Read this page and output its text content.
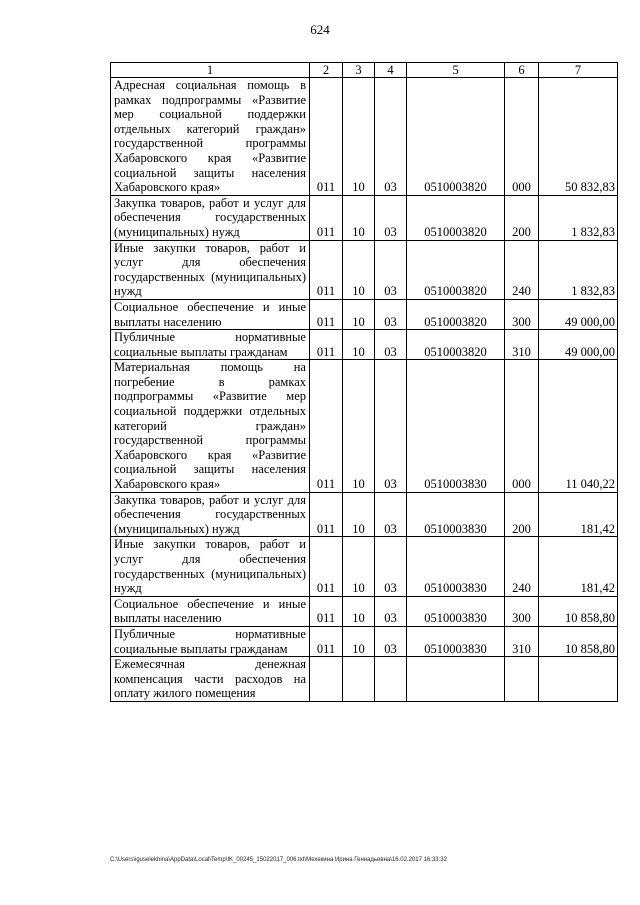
624
1	2	3	4	5	6	7
Адресная социальная помощь в рамках подпрограммы «Развитие мер социальной поддержки отдельных категорий граждан» государственной программы Хабаровского края «Развитие социальной защиты населения Хабаровского края»	011	10	03	0510003820	000	50 832,83
Закупка товаров, работ и услуг для обеспечения государственных (муниципальных) нужд	011	10	03	0510003820	200	1 832,83
Иные закупки товаров, работ и услуг для обеспечения государственных (муниципальных) нужд	011	10	03	0510003820	240	1 832,83
Социальное обеспечение и иные выплаты населению	011	10	03	0510003820	300	49 000,00
Публичные нормативные социальные выплаты гражданам	011	10	03	0510003820	310	49 000,00
Материальная помощь на погребение в рамках подпрограммы «Развитие мер социальной поддержки отдельных категорий граждан» государственной программы Хабаровского края «Развитие социальной защиты населения Хабаровского края»	011	10	03	0510003830	000	11 040,22
Закупка товаров, работ и услуг для обеспечения государственных (муниципальных) нужд	011	10	03	0510003830	200	181,42
Иные закупки товаров, работ и услуг для обеспечения государственных (муниципальных) нужд	011	10	03	0510003830	240	181,42
Социальное обеспечение и иные выплаты населению	011	10	03	0510003830	300	10 858,80
Публичные нормативные социальные выплаты гражданам	011	10	03	0510003830	310	10 858,80
Ежемесячная денежная компенсация части расходов на оплату жилого помещения						
C:\Users\iguselekhina\AppData\Local\Temp\IK_00245_15022017_006.txt\Мехекина Ирина Геннадьевна\16.02.2017 16:33:32
